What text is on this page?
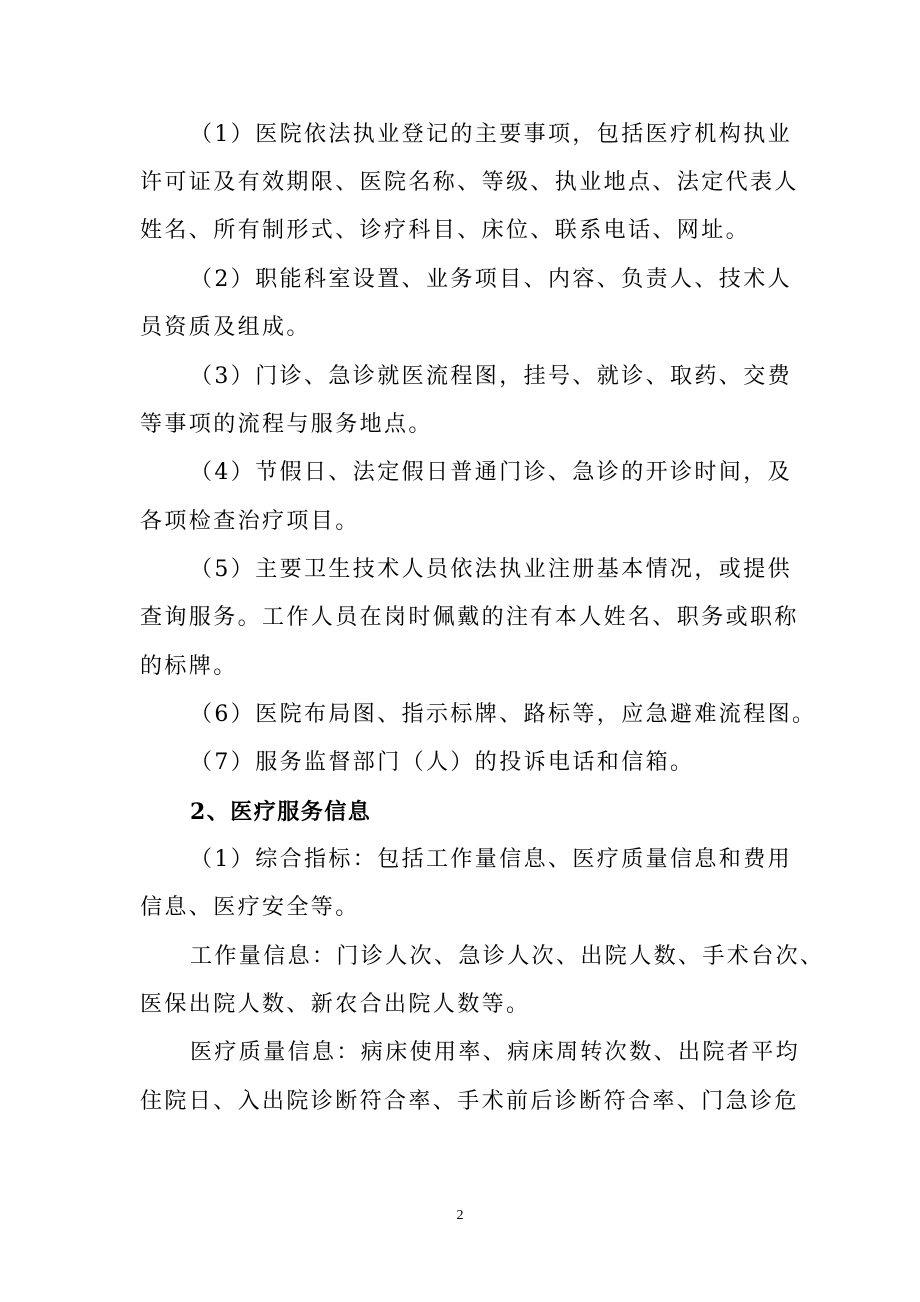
（1）医院依法执业登记的主要事项，包括医疗机构执业
许可证及有效期限、医院名称、等级、执业地点、法定代表人
姓名、所有制形式、诊疗科目、床位、联系电话、网址。
（2）职能科室设置、业务项目、内容、负责人、技术人
员资质及组成。
（3）门诊、急诊就医流程图，挂号、就诊、取药、交费
等事项的流程与服务地点。
（4）节假日、法定假日普通门诊、急诊的开诊时间，及
各项检查治疗项目。
（5）主要卫生技术人员依法执业注册基本情况，或提供
查询服务。工作人员在岗时佩戴的注有本人姓名、职务或职称
的标牌。
（6）医院布局图、指示标牌、路标等，应急避难流程图。
（7）服务监督部门（人）的投诉电话和信箱。
2、医疗服务信息
（1）综合指标：包括工作量信息、医疗质量信息和费用
信息、医疗安全等。
工作量信息：门诊人次、急诊人次、出院人数、手术台次、
医保出院人数、新农合出院人数等。
医疗质量信息：病床使用率、病床周转次数、出院者平均
住院日、入出院诊断符合率、手术前后诊断符合率、门急诊危
2
